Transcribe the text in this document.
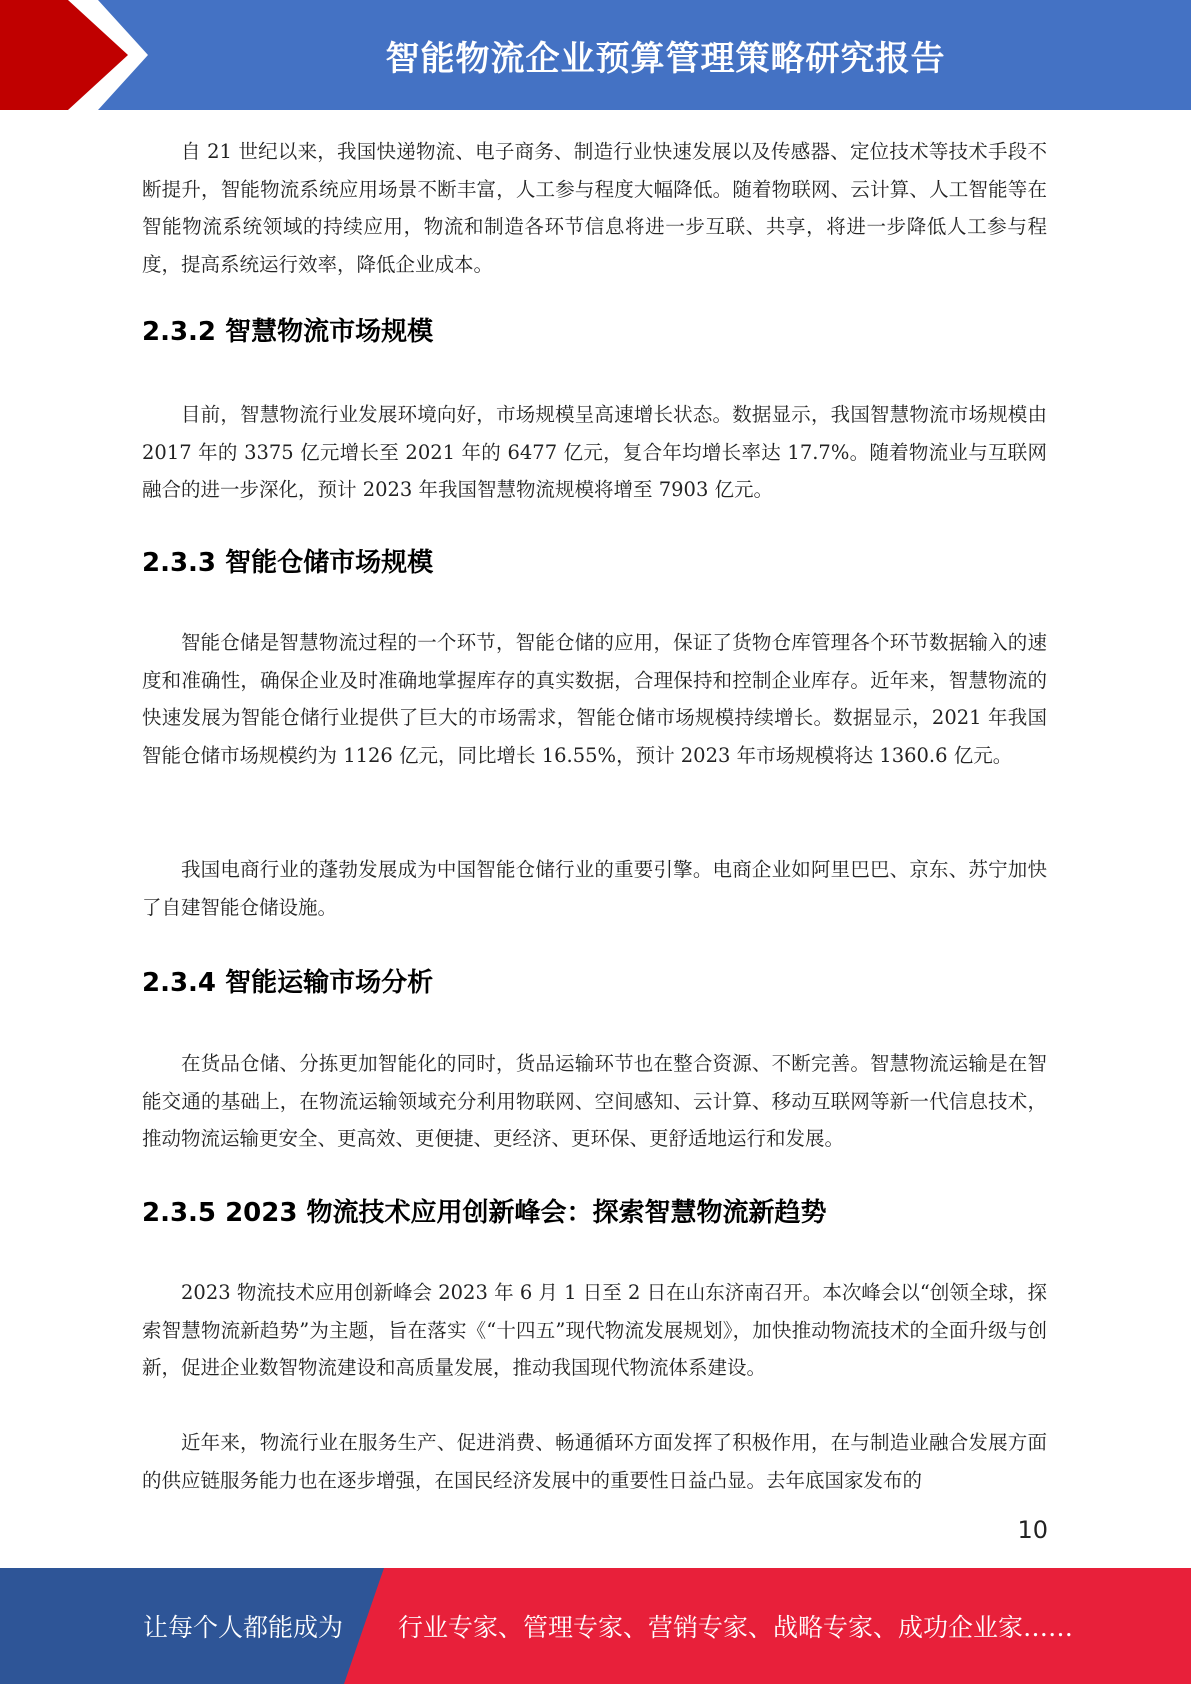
智能物流企业预算管理策略研究报告

自 21 世纪以来，我国快递物流、电子商务、制造行业快速发展以及传感器、定位技术等技术手段不断提升，智能物流系统应用场景不断丰富，人工参与程度大幅降低。随着物联网、云计算、人工智能等在智能物流系统领域的持续应用，物流和制造各环节信息将进一步互联、共享，将进一步降低人工参与程度，提高系统运行效率，降低企业成本。

2.3.2 智慧物流市场规模

目前，智慧物流行业发展环境向好，市场规模呈高速增长状态。数据显示，我国智慧物流市场规模由 2017 年的 3375 亿元增长至 2021 年的 6477 亿元，复合年均增长率达 17.7%。随着物流业与互联网融合的进一步深化，预计 2023 年我国智慧物流规模将增至 7903 亿元。

2.3.3 智能仓储市场规模

智能仓储是智慧物流过程的一个环节，智能仓储的应用，保证了货物仓库管理各个环节数据输入的速度和准确性，确保企业及时准确地掌握库存的真实数据，合理保持和控制企业库存。近年来，智慧物流的快速发展为智能仓储行业提供了巨大的市场需求，智能仓储市场规模持续增长。数据显示，2021 年我国智能仓储市场规模约为 1126 亿元，同比增长 16.55%，预计 2023 年市场规模将达 1360.6 亿元。

我国电商行业的蓬勃发展成为中国智能仓储行业的重要引擎。电商企业如阿里巴巴、京东、苏宁加快了自建智能仓储设施。

2.3.4 智能运输市场分析

在货品仓储、分拣更加智能化的同时，货品运输环节也在整合资源、不断完善。智慧物流运输是在智能交通的基础上，在物流运输领域充分利用物联网、空间感知、云计算、移动互联网等新一代信息技术，推动物流运输更安全、更高效、更便捷、更经济、更环保、更舒适地运行和发展。

2.3.5 2023 物流技术应用创新峰会：探索智慧物流新趋势

2023 物流技术应用创新峰会 2023 年 6 月 1 日至 2 日在山东济南召开。本次峰会以“创领全球，探索智慧物流新趋势”为主题，旨在落实《“十四五”现代物流发展规划》，加快推动物流技术的全面升级与创新，促进企业数智物流建设和高质量发展，推动我国现代物流体系建设。

近年来，物流行业在服务生产、促进消费、畅通循环方面发挥了积极作用，在与制造业融合发展方面的供应链服务能力也在逐步增强，在国民经济发展中的重要性日益凸显。去年底国家发布的

10
让每个人都能成为 行业专家、管理专家、营销专家、战略专家、成功企业家……
